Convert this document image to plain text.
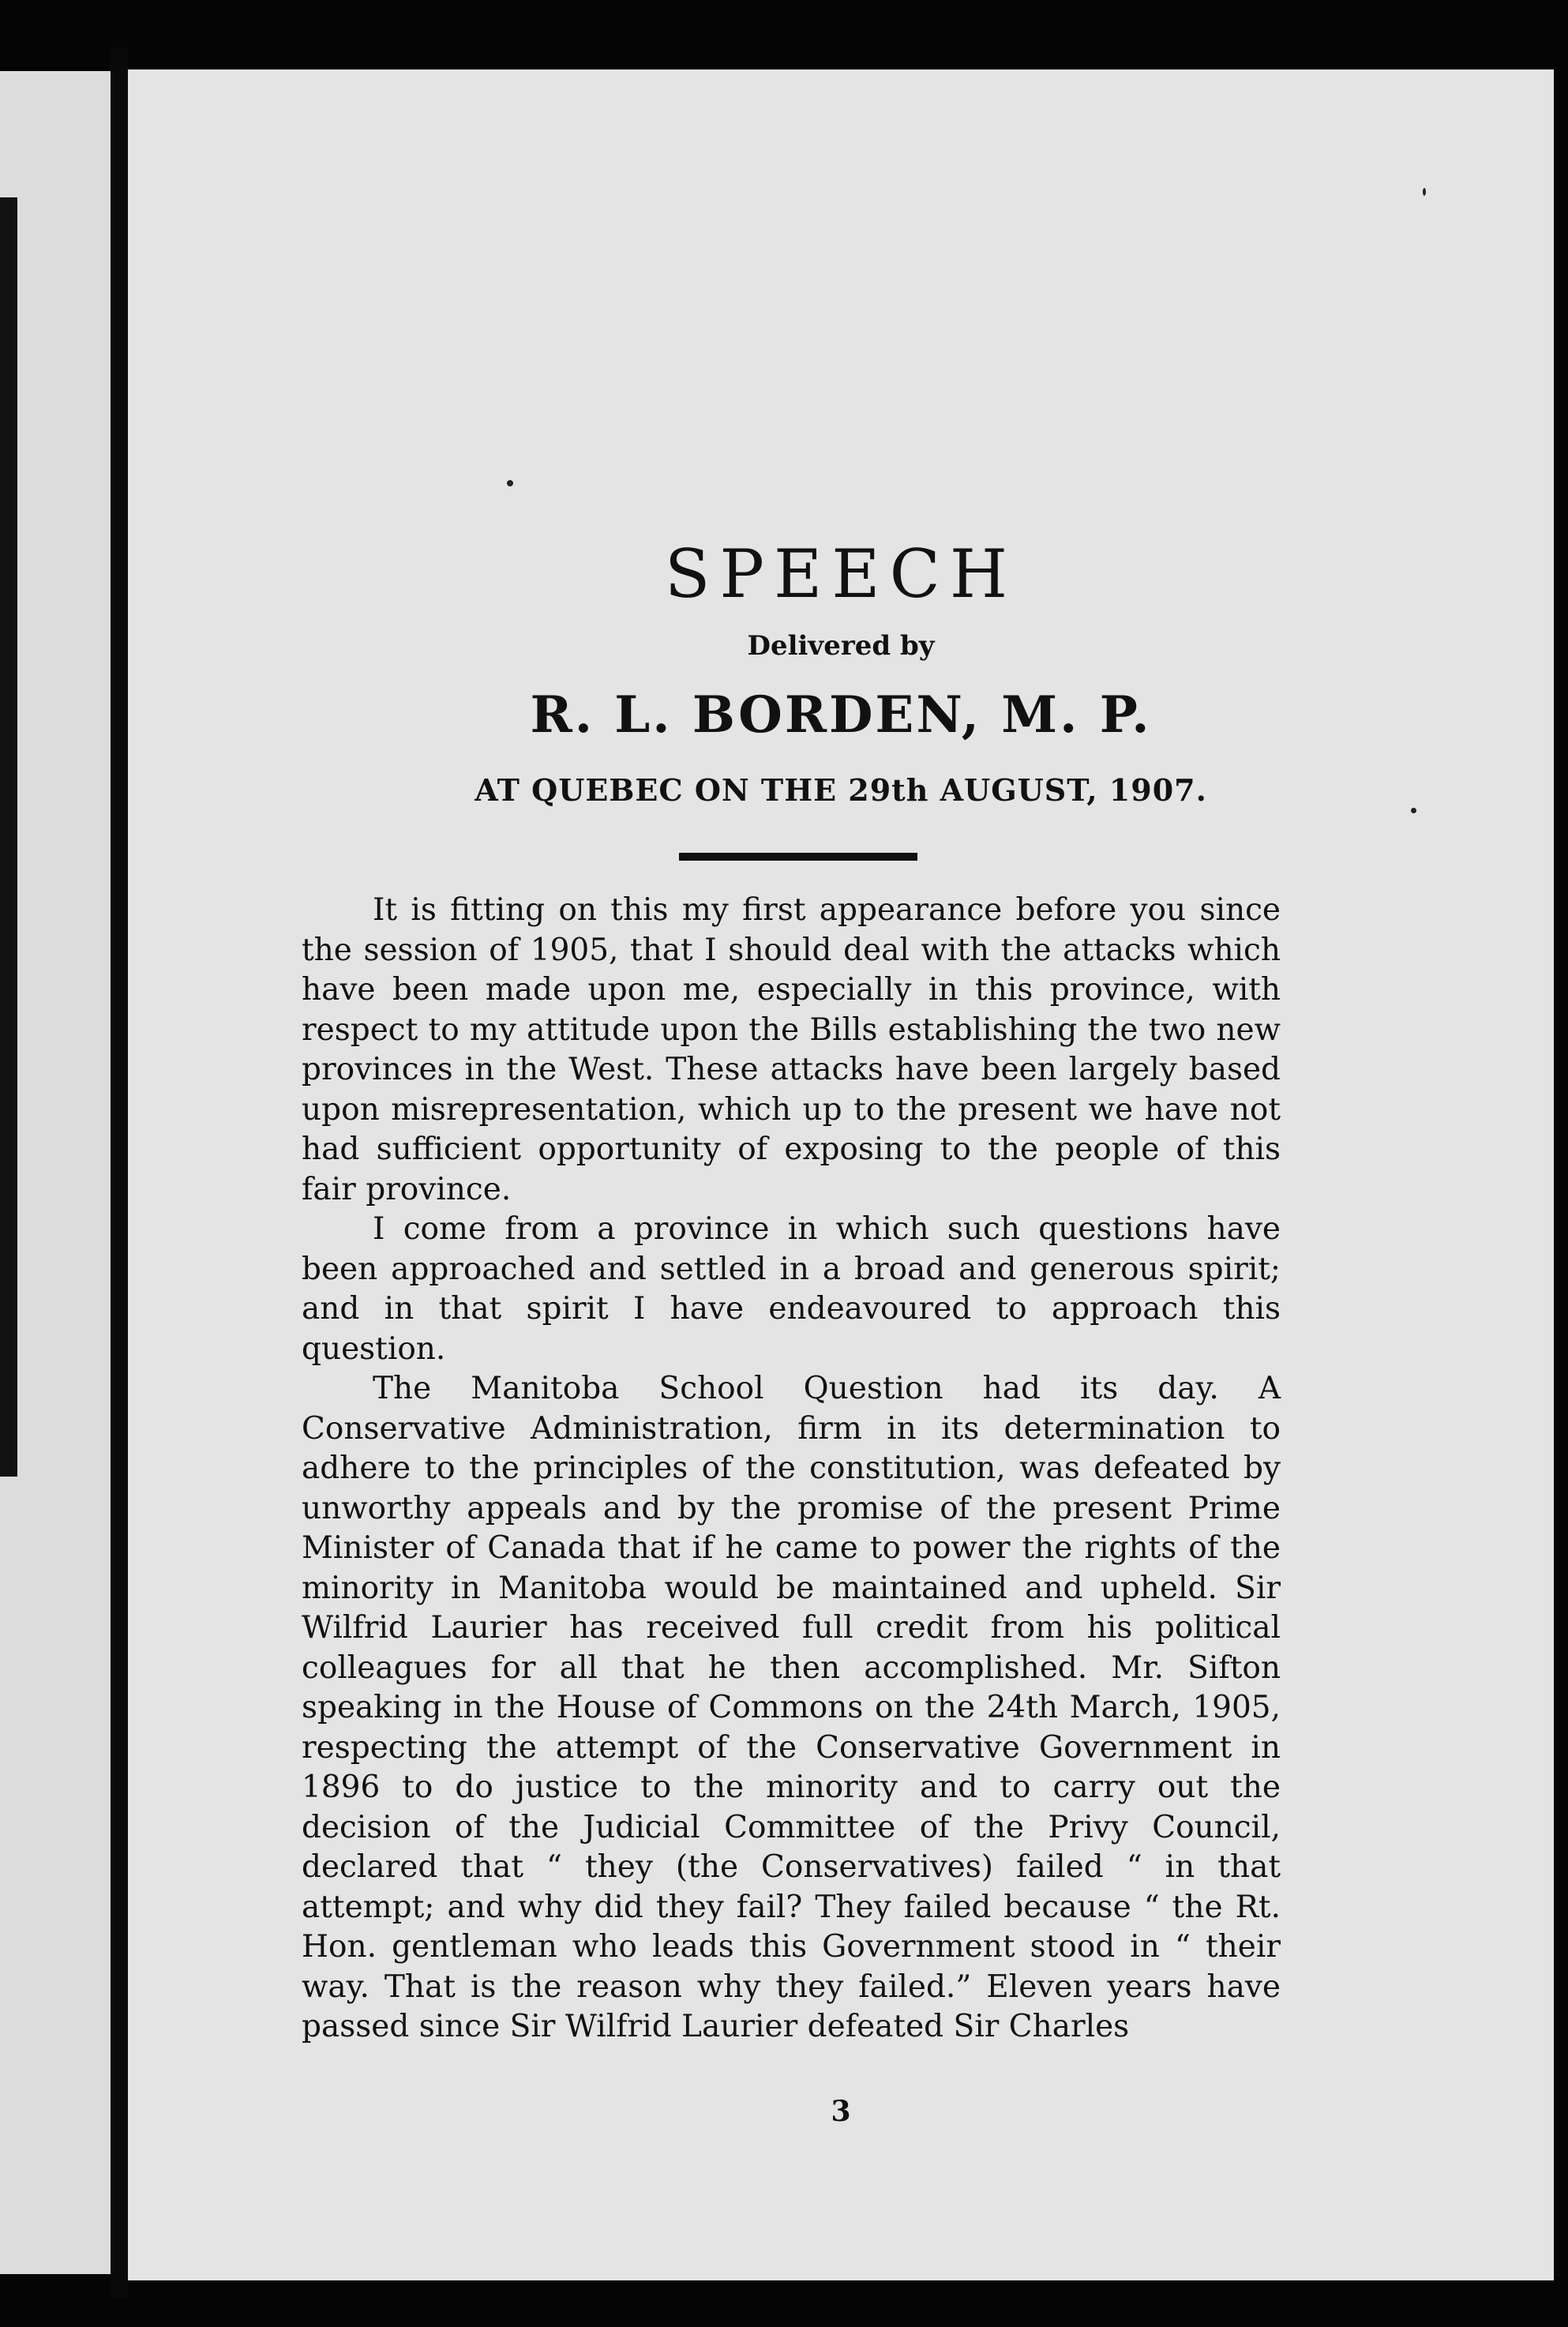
SPEECH
Delivered by
R. L. BORDEN, M. P.
AT QUEBEC ON THE 29th AUGUST, 1907.

It is fitting on this my first appearance before you since the session of 1905, that I should deal with the attacks which have been made upon me, especially in this province, with respect to my attitude upon the Bills establishing the two new provinces in the West. These attacks have been largely based upon misrepresentation, which up to the present we have not had sufficient opportunity of exposing to the people of this fair province.

I come from a province in which such questions have been approached and settled in a broad and generous spirit; and in that spirit I have endeavoured to approach this question.

The Manitoba School Question had its day. A Conservative Administration, firm in its determination to adhere to the principles of the constitution, was defeated by unworthy appeals and by the promise of the present Prime Minister of Canada that if he came to power the rights of the minority in Manitoba would be maintained and upheld. Sir Wilfrid Laurier has received full credit from his political colleagues for all that he then accomplished. Mr. Sifton speaking in the House of Commons on the 24th March, 1905, respecting the attempt of the Conservative Government in 1896 to do justice to the minority and to carry out the decision of the Judicial Committee of the Privy Council, declared that “ they (the Conservatives) failed “ in that attempt; and why did they fail? They failed because “ the Rt. Hon. gentleman who leads this Government stood in “ their way. That is the reason why they failed.” Eleven years have passed since Sir Wilfrid Laurier defeated Sir Charles

3
